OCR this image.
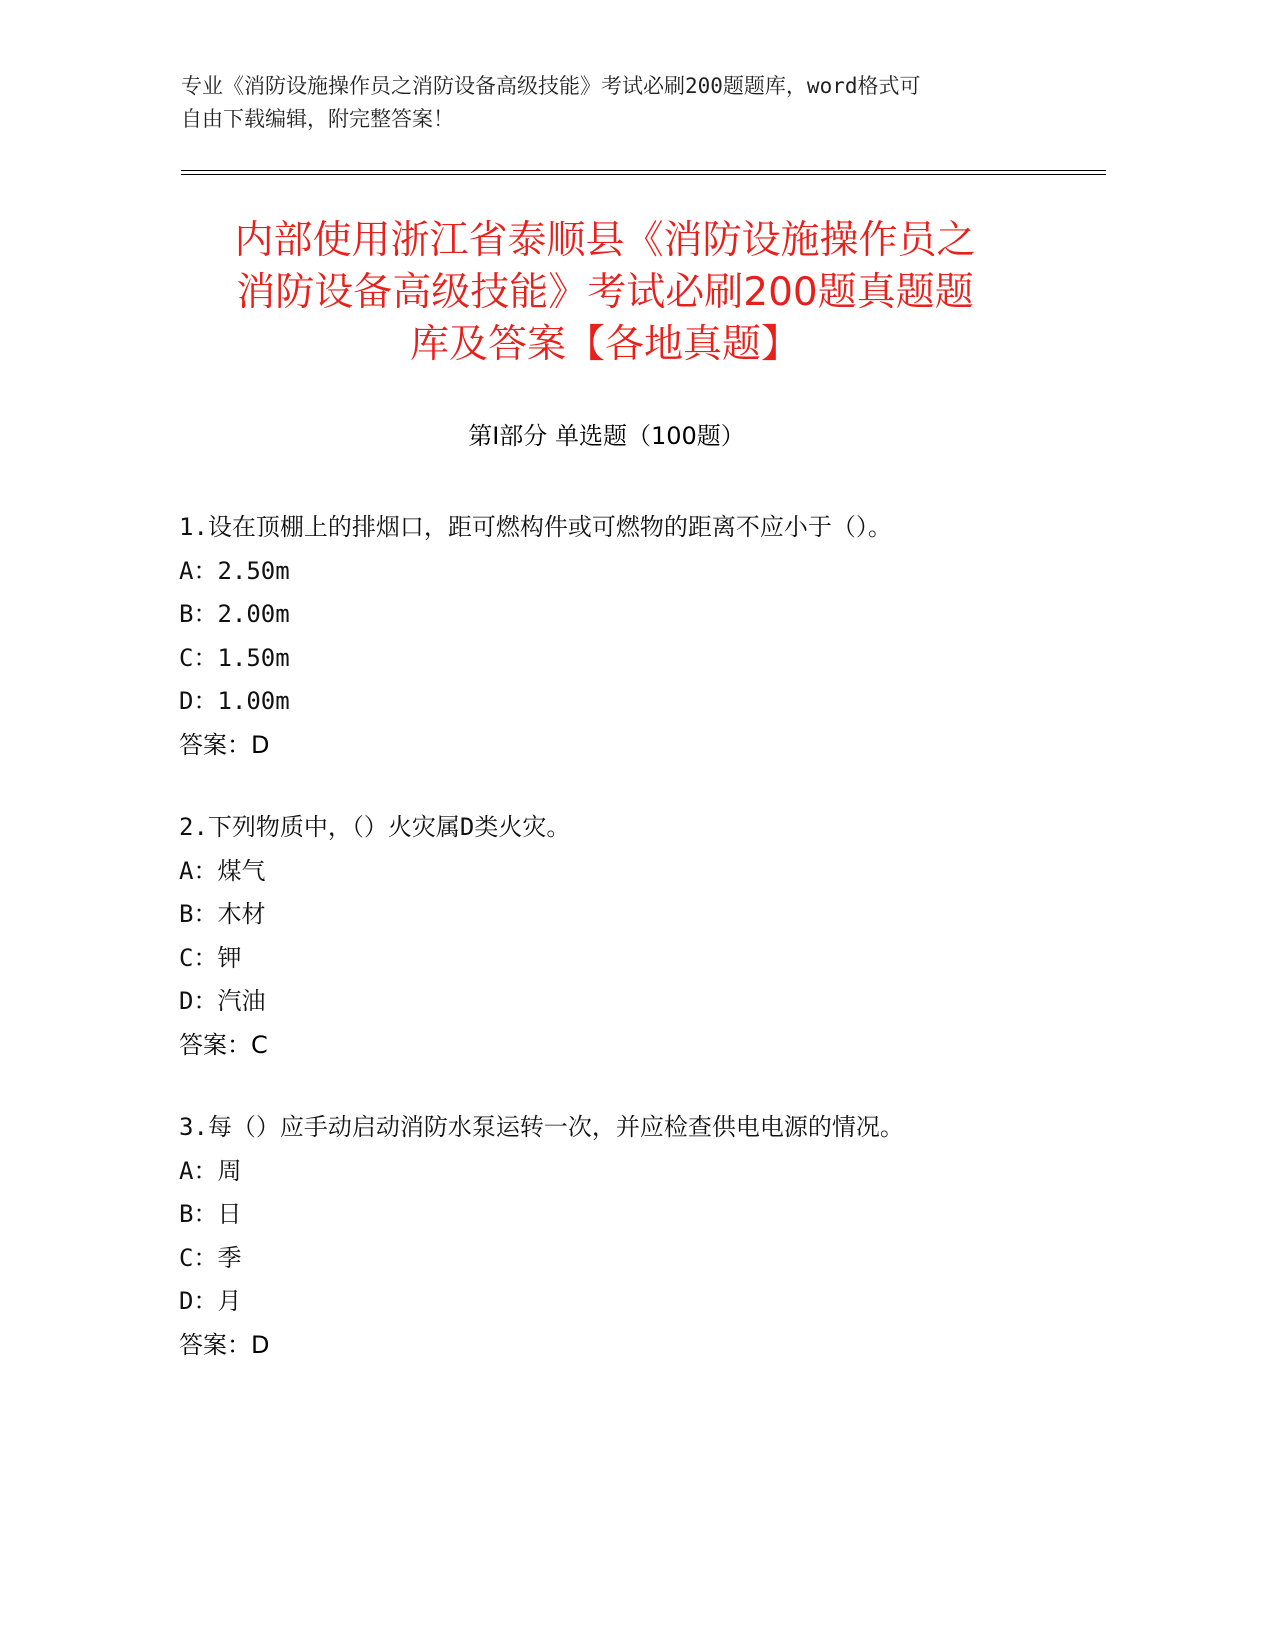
专业《消防设施操作员之消防设备高级技能》考试必刷200题题库，word格式可
自由下载编辑，附完整答案！
内部使用浙江省泰顺县《消防设施操作员之
消防设备高级技能》考试必刷200题真题题
库及答案【各地真题】
第Ⅰ部分 单选题（100题）
1.设在顶棚上的排烟口，距可燃构件或可燃物的距离不应小于（）。
A：2.50m
B：2.00m
C：1.50m
D：1.00m
答案：D
2.下列物质中，（）火灾属D类火灾。
A：煤气
B：木材
C：钾
D：汽油
答案：C
3.每（）应手动启动消防水泵运转一次，并应检查供电电源的情况。
A：周
B：日
C：季
D：月
答案：D
